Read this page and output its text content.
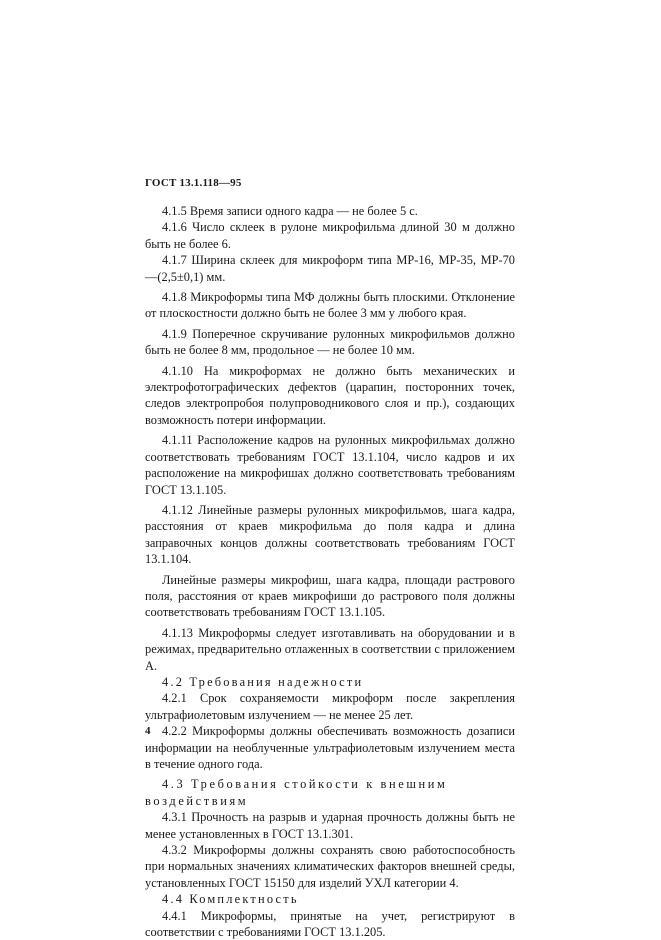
ГОСТ 13.1.118—95

4.1.5 Время записи одного кадра — не более 5 с.

4.1.6 Число склеек в рулоне микрофильма длиной 30 м должно быть не более 6.

4.1.7 Ширина склеек для микроформ типа МР-16, МР-35, МР-70—(2,5±0,1) мм.

4.1.8 Микроформы типа МФ должны быть плоскими. Отклонение от плоскостности должно быть не более 3 мм у любого края.

4.1.9 Поперечное скручивание рулонных микрофильмов должно быть не более 8 мм, продольное — не более 10 мм.

4.1.10 На микроформах не должно быть механических и электрофотографических дефектов (царапин, посторонних точек, следов электропробоя полупроводникового слоя и пр.), создающих возможность потери информации.

4.1.11 Расположение кадров на рулонных микрофильмах должно соответствовать требованиям ГОСТ 13.1.104, число кадров и их расположение на микрофишах должно соответствовать требованиям ГОСТ 13.1.105.

4.1.12 Линейные размеры рулонных микрофильмов, шага кадра, расстояния от краев микрофильма до поля кадра и длина заправочных концов должны соответствовать требованиям ГОСТ 13.1.104.

Линейные размеры микрофиш, шага кадра, площади растрового поля, расстояния от краев микрофиши до растрового поля должны соответствовать требованиям ГОСТ 13.1.105.

4.1.13 Микроформы следует изготавливать на оборудовании и в режимах, предварительно отлаженных в соответствии с приложением А.

4.2 Требования надежности

4.2.1 Срок сохраняемости микроформ после закрепления ультрафиолетовым излучением — не менее 25 лет.

4.2.2 Микроформы должны обеспечивать возможность дозаписи информации на необлученные ультрафиолетовым излучением места в течение одного года.

4.3 Требования стойкости к внешним воздействиям

4.3.1 Прочность на разрыв и ударная прочность должны быть не менее установленных в ГОСТ 13.1.301.

4.3.2 Микроформы должны сохранять свою работоспособность при нормальных значениях климатических факторов внешней среды, установленных ГОСТ 15150 для изделий УХЛ категории 4.

4.4 Комплектность

4.4.1 Микроформы, принятые на учет, регистрируют в соответствии с требованиями ГОСТ 13.1.205.

4
